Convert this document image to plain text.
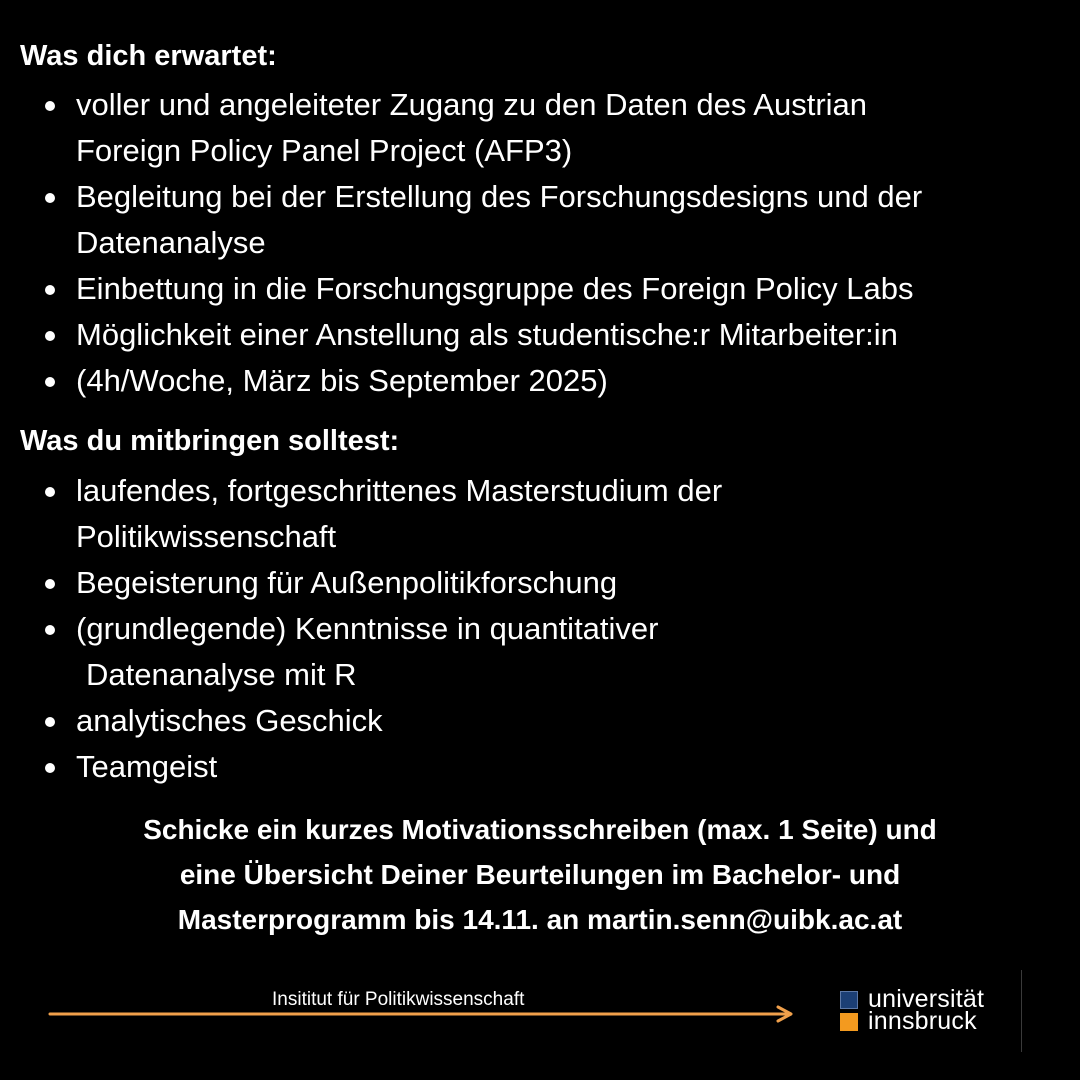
Was dich erwartet:
voller und angeleiteter Zugang zu den Daten des Austrian
Foreign Policy Panel Project (AFP3)
Begleitung bei der Erstellung des Forschungsdesigns und der
Datenanalyse
Einbettung in die Forschungsgruppe des Foreign Policy Labs
Möglichkeit einer Anstellung als studentische:r Mitarbeiter:in
(4h/Woche, März bis September 2025)
Was du mitbringen solltest:
laufendes, fortgeschrittenes Masterstudium der
Politikwissenschaft
Begeisterung für Außenpolitikforschung
(grundlegende) Kenntnisse in quantitativer
Datenanalyse mit R
analytisches Geschick
Teamgeist

Schicke ein kurzes Motivationsschreiben (max. 1 Seite) und
eine Übersicht Deiner Beurteilungen im Bachelor- und
Masterprogramm bis 14.11. an martin.senn@uibk.ac.at

Insititut für Politikwissenschaft	universität
innsbruck
